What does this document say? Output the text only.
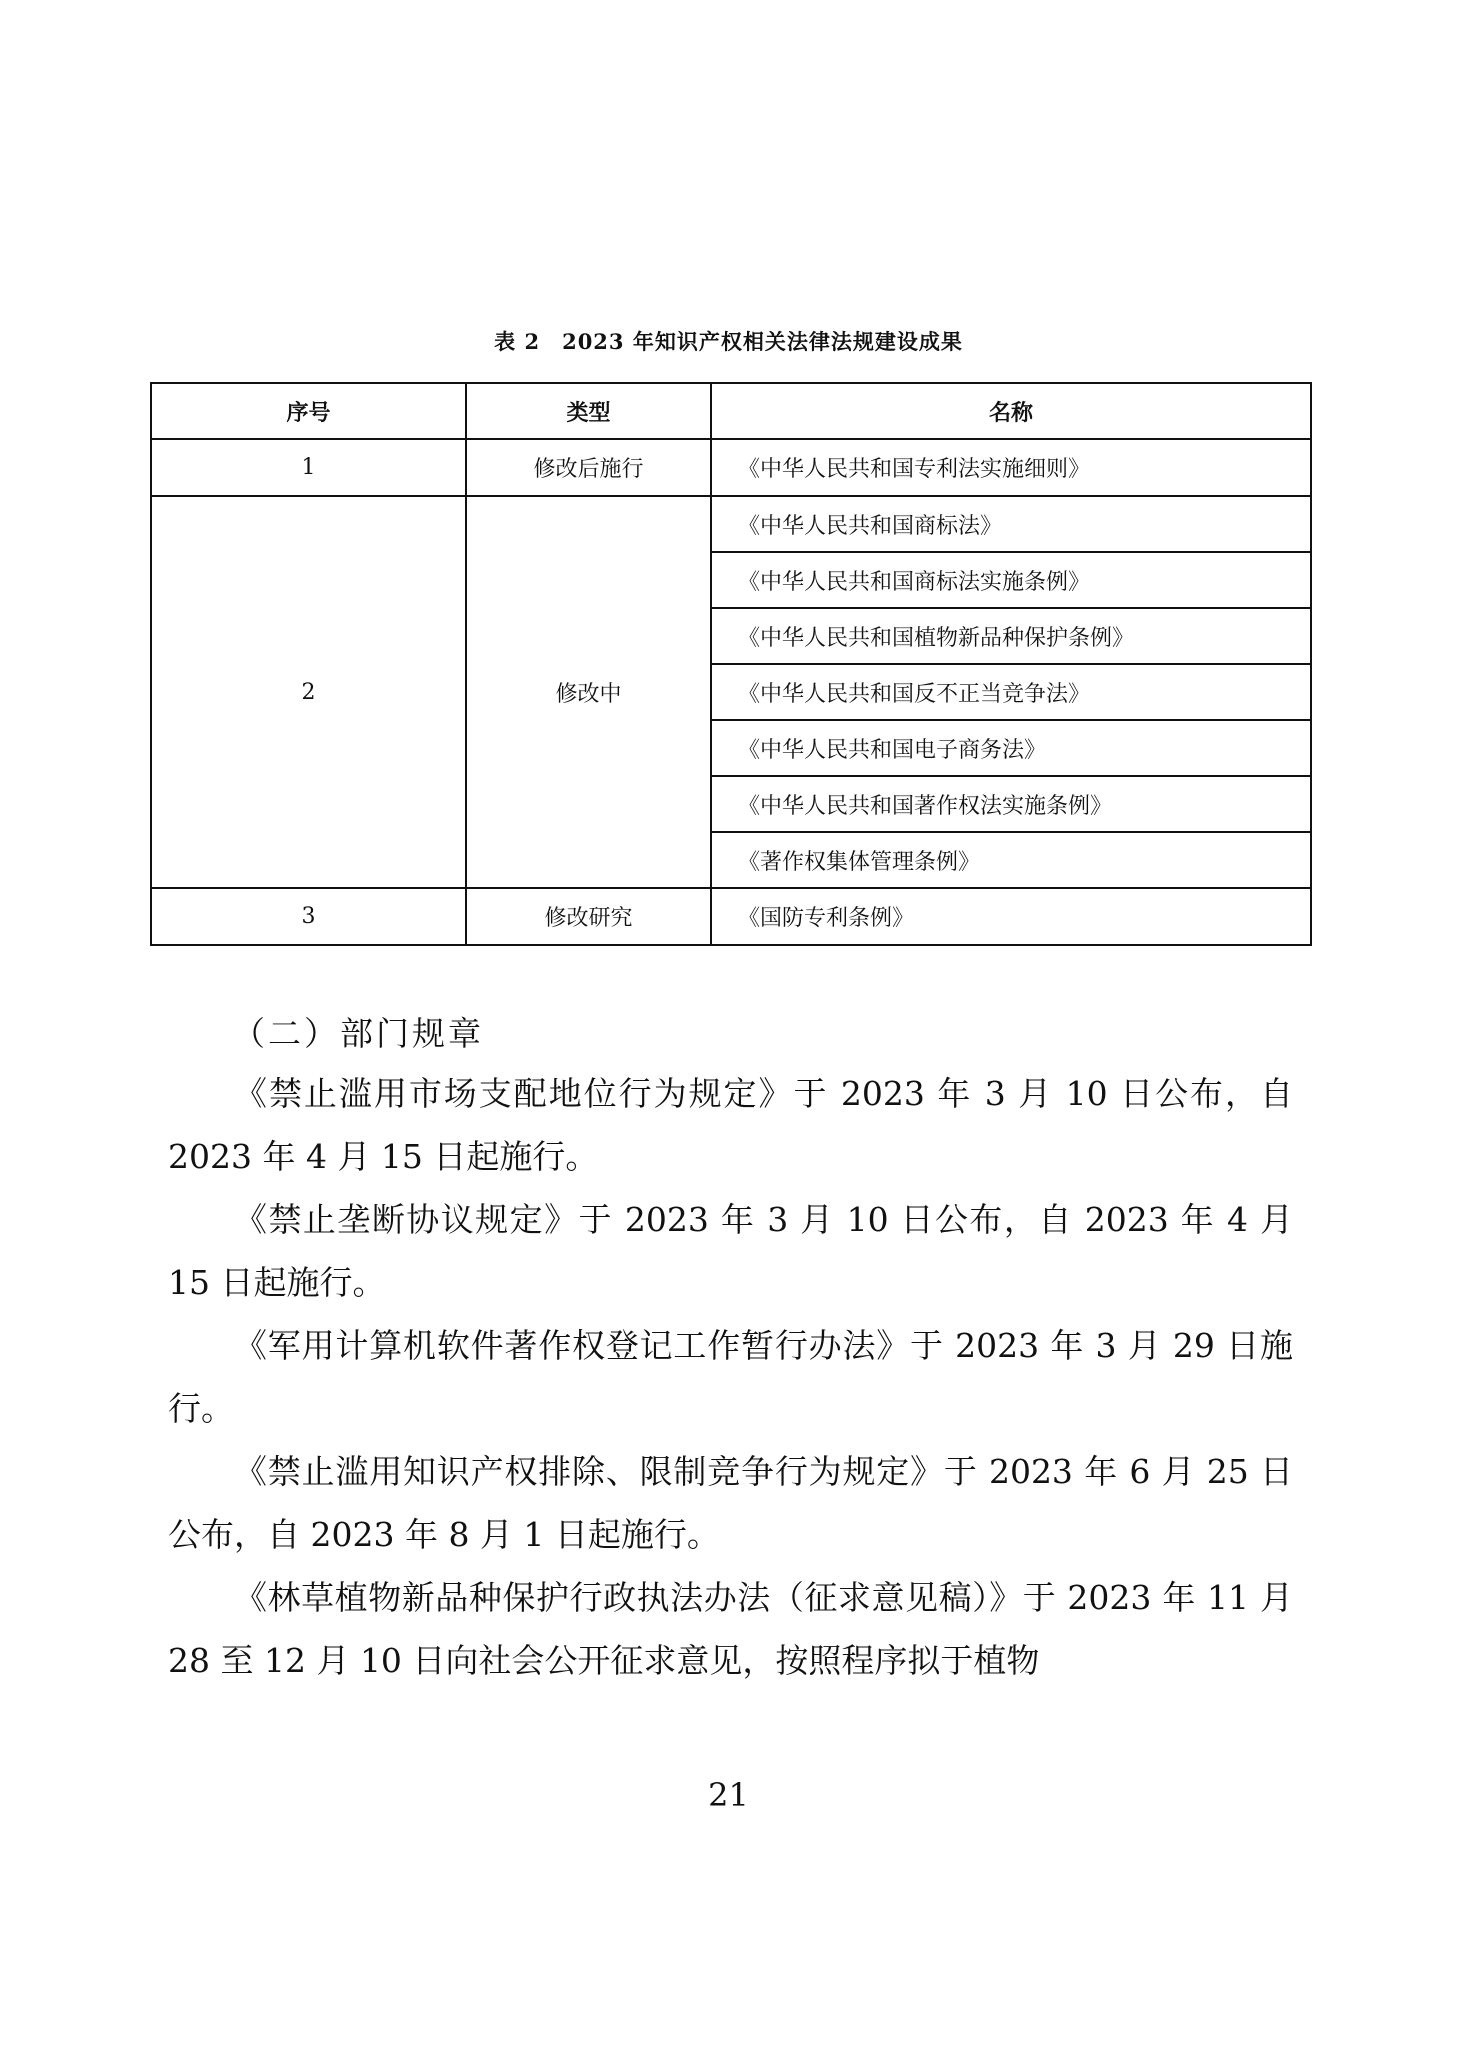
表 2　2023 年知识产权相关法律法规建设成果
序号	类型	名称
1	修改后施行	《中华人民共和国专利法实施细则》
2	修改中	《中华人民共和国商标法》
		《中华人民共和国商标法实施条例》
		《中华人民共和国植物新品种保护条例》
		《中华人民共和国反不正当竞争法》
		《中华人民共和国电子商务法》
		《中华人民共和国著作权法实施条例》
		《著作权集体管理条例》
3	修改研究	《国防专利条例》
（二）部门规章

《禁止滥用市场支配地位行为规定》于 2023 年 3 月 10 日公布，自 2023 年 4 月 15 日起施行。

《禁止垄断协议规定》于 2023 年 3 月 10 日公布，自 2023 年 4 月 15 日起施行。

《军用计算机软件著作权登记工作暂行办法》于 2023 年 3 月 29 日施行。

《禁止滥用知识产权排除、限制竞争行为规定》于 2023 年 6 月 25 日公布，自 2023 年 8 月 1 日起施行。

《林草植物新品种保护行政执法办法（征求意见稿）》于 2023 年 11 月 28 至 12 月 10 日向社会公开征求意见，按照程序拟于植物

21
